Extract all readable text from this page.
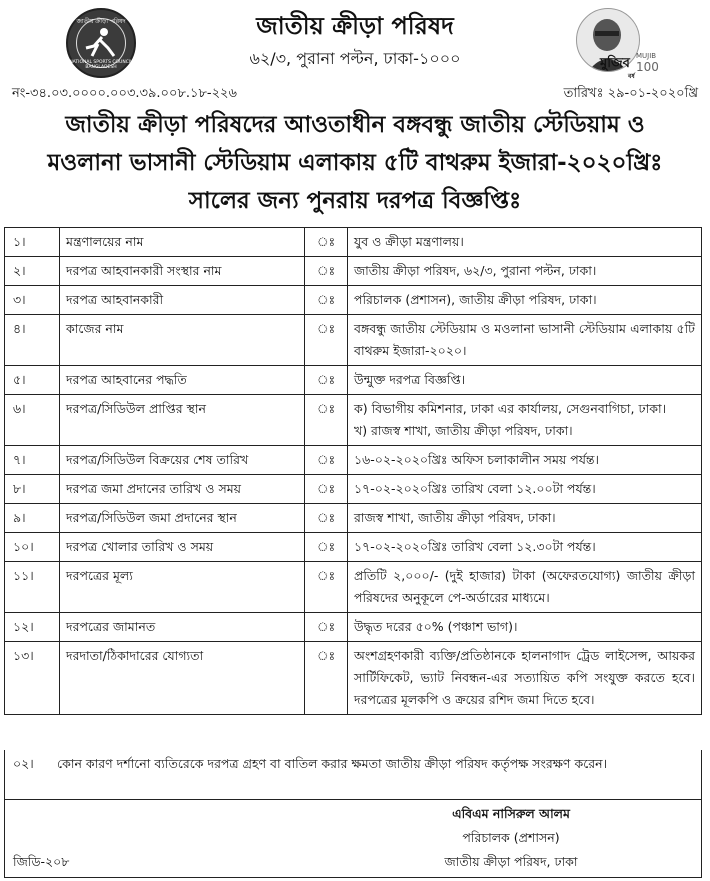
জাতীয় ক্রীড়া পরিষদ
NATIONAL SPORTS COUNCIL BANGLADESH
জাতীয় ক্রীড়া পরিষদ
৬২/৩, পুরানা পল্টন, ঢাকা-১০০০	মুজিব MUJIB
100
বর্ষ
নং-৩৪.০৩.০০০০.০০৩.৩৯.০০৮.১৮-২২৬	তারিখঃ ২৯-০১-২০২০খ্রি
জাতীয় ক্রীড়া পরিষদের আওতাধীন বঙ্গবন্ধু জাতীয় স্টেডিয়াম ও
মওলানা ভাসানী স্টেডিয়াম এলাকায় ৫টি বাথরুম ইজারা-২০২০খ্রিঃ
সালের জন্য পুনরায় দরপত্র বিজ্ঞপ্তিঃ
১।	মন্ত্রণালয়ের নাম	ঃ	যুব ও ক্রীড়া মন্ত্রণালয়।
২।	দরপত্র আহবানকারী সংস্থার নাম	ঃ	জাতীয় ক্রীড়া পরিষদ, ৬২/৩, পুরানা পল্টন, ঢাকা।
৩।	দরপত্র আহবানকারী	ঃ	পরিচালক (প্রশাসন), জাতীয় ক্রীড়া পরিষদ, ঢাকা।
৪।	কাজের নাম	ঃ	বঙ্গবন্ধু জাতীয় স্টেডিয়াম ও মওলানা ভাসানী স্টেডিয়াম এলাকায় ৫টি বাথরুম ইজারা-২০২০।
৫।	দরপত্র আহবানের পদ্ধতি	ঃ	উন্মুক্ত দরপত্র বিজ্ঞপ্তি।
৬।	দরপত্র/সিডিউল প্রাপ্তির স্থান	ঃ	ক) বিভাগীয় কমিশনার, ঢাকা এর কার্যালয়, সেগুনবাগিচা, ঢাকা।
খ) রাজস্ব শাখা, জাতীয় ক্রীড়া পরিষদ, ঢাকা।

৭।	দরপত্র/সিডিউল বিক্রয়ের শেষ তারিখ	ঃ	১৬-০২-২০২০খ্রিঃ অফিস চলাকালীন সময় পর্যন্ত।
৮।	দরপত্র জমা প্রদানের তারিখ ও সময়	ঃ	১৭-০২-২০২০খ্রিঃ তারিখ বেলা ১২.০০টা পর্যন্ত।
৯।	দরপত্র/সিডিউল জমা প্রদানের স্থান	ঃ	রাজস্ব শাখা, জাতীয় ক্রীড়া পরিষদ, ঢাকা।
১০।	দরপত্র খোলার তারিখ ও সময়	ঃ	১৭-০২-২০২০খ্রিঃ তারিখ বেলা ১২.৩০টা পর্যন্ত।
১১।	দরপত্রের মূল্য	ঃ	প্রতিটি ২,০০০/- (দুই হাজার) টাকা (অফেরতযোগ্য) জাতীয় ক্রীড়া পরিষদের অনুকূলে পে-অর্ডারের মাধ্যমে।
১২।	দরপত্রের জামানত	ঃ	উদ্ধৃত দরের ৫০% (পঞ্চাশ ভাগ)।
১৩।	দরদাতা/ঠিকাদারের যোগ্যতা	ঃ	অংশগ্রহণকারী ব্যক্তি/প্রতিষ্ঠানকে হালনাগাদ ট্রেড লাইসেন্স, আয়কর সার্টিফিকেট, ভ্যাট নিবন্ধন-এর সত্যায়িত কপি সংযুক্ত করতে হবে। দরপত্রের মূলকপি ও ক্রয়ের রশিদ জমা দিতে হবে।
০২।	কোন কারণ দর্শানো ব্যতিরেকে দরপত্র গ্রহণ বা বাতিল করার ক্ষমতা জাতীয় ক্রীড়া পরিষদ কর্তৃপক্ষ সংরক্ষণ করেন।
এবিএম নাসিরুল আলম
পরিচালক (প্রশাসন)
জাতীয় ক্রীড়া পরিষদ, ঢাকা
জিডি-২০৮
